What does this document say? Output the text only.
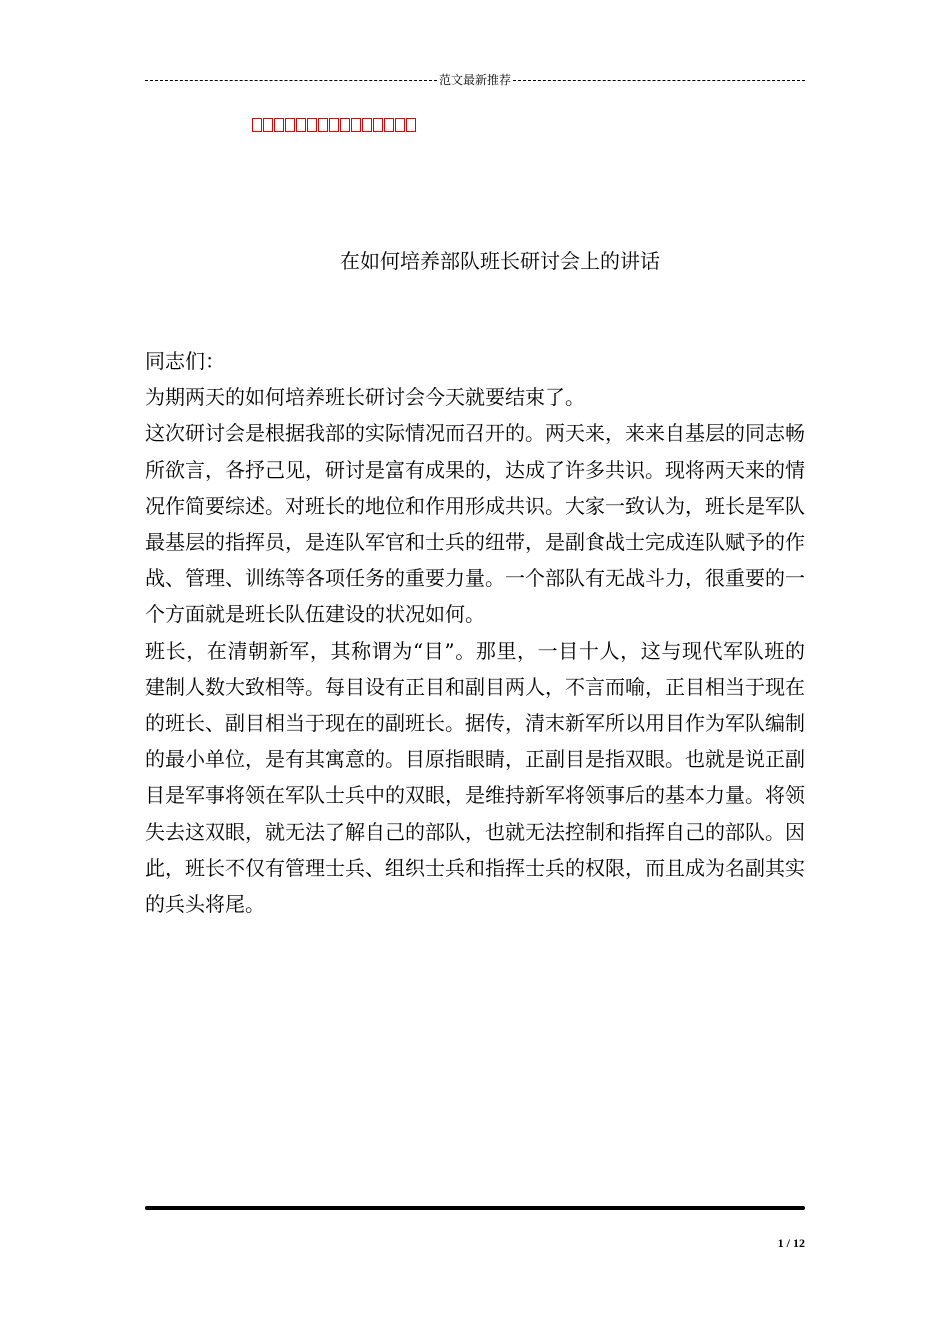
范文最新推荐
在如何培养部队班长研讨会上的讲话

同志们：

为期两天的如何培养班长研讨会今天就要结束了。

这次研讨会是根据我部的实际情况而召开的。两天来，来来自基层的同志畅所欲言，各抒己见，研讨是富有成果的，达成了许多共识。现将两天来的情况作简要综述。对班长的地位和作用形成共识。大家一致认为，班长是军队最基层的指挥员，是连队军官和士兵的纽带，是副食战士完成连队赋予的作战、管理、训练等各项任务的重要力量。一个部队有无战斗力，很重要的一个方面就是班长队伍建设的状况如何。

班长，在清朝新军，其称谓为“目”。那里，一目十人，这与现代军队班的建制人数大致相等。每目设有正目和副目两人，不言而喻，正目相当于现在的班长、副目相当于现在的副班长。据传，清末新军所以用目作为军队编制的最小单位，是有其寓意的。目原指眼睛，正副目是指双眼。也就是说正副目是军事将领在军队士兵中的双眼，是维持新军将领事后的基本力量。将领失去这双眼，就无法了解自己的部队，也就无法控制和指挥自己的部队。因此，班长不仅有管理士兵、组织士兵和指挥士兵的权限，而且成为名副其实的兵头将尾。

1 / 12
